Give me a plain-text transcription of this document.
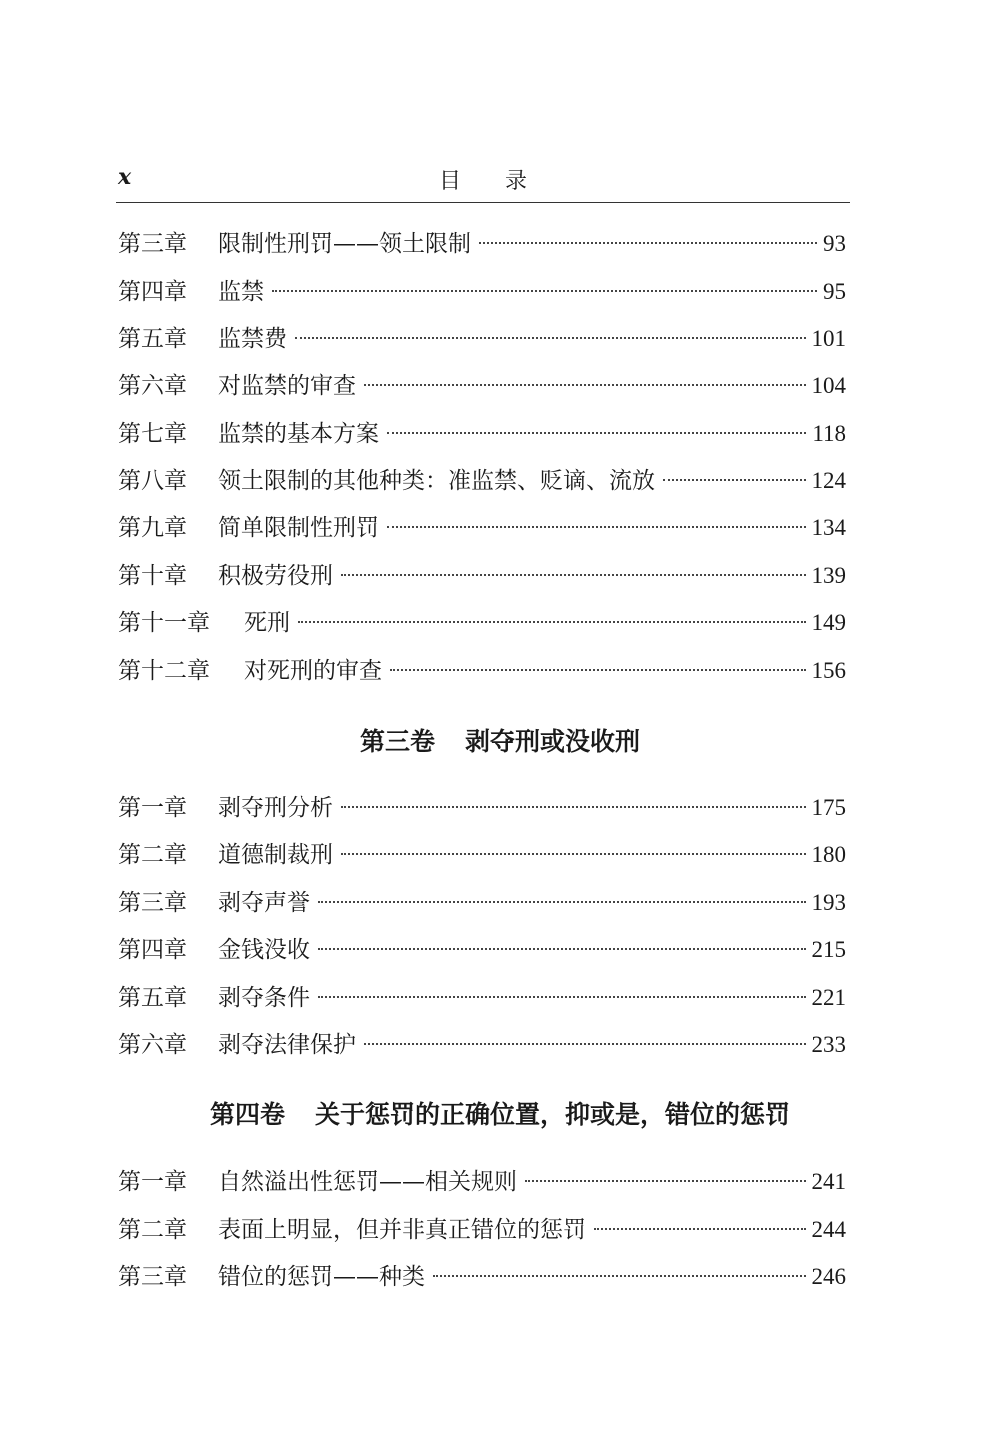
x	目录
第三章	限制性刑罚——领土限制	93
第四章	监禁	95
第五章	监禁费	101
第六章	对监禁的审查	104
第七章	监禁的基本方案	118
第八章	领土限制的其他种类：准监禁、贬谪、流放	124
第九章	简单限制性刑罚	134
第十章	积极劳役刑	139
第十一章	死刑	149
第十二章	对死刑的审查	156
第一章	剥夺刑分析	175
第二章	道德制裁刑	180
第三章	剥夺声誉	193
第四章	金钱没收	215
第五章	剥夺条件	221
第六章	剥夺法律保护	233
第一章	自然溢出性惩罚——相关规则	241
第二章	表面上明显，但并非真正错位的惩罚	244
第三章	错位的惩罚——种类	246
第三卷 剥夺刑或没收刑
第四卷 关于惩罚的正确位置，抑或是，错位的惩罚
